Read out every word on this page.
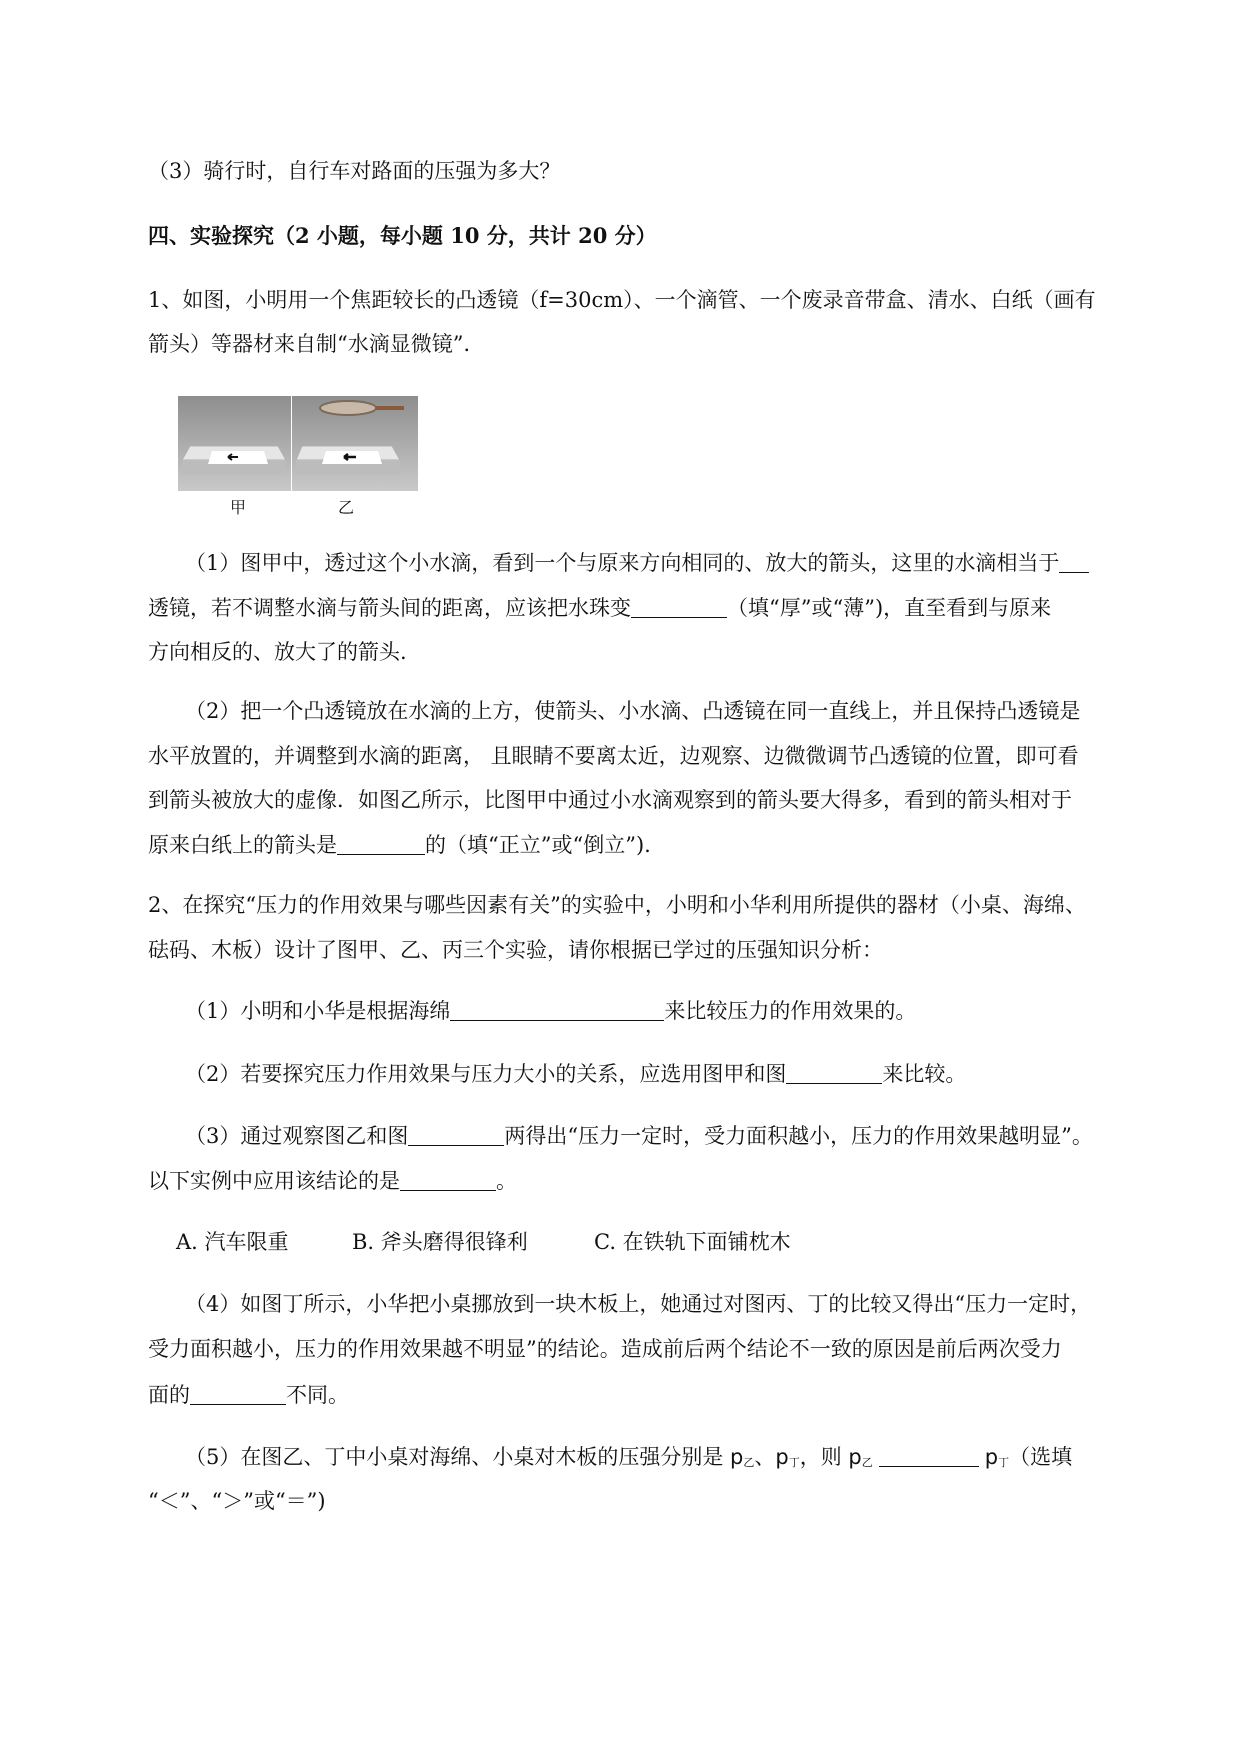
（3）骑行时，自行车对路面的压强为多大？
四、实验探究（2 小题，每小题 10 分，共计 20 分）
1、如图，小明用一个焦距较长的凸透镜（f=30cm）、一个滴管、一个废录音带盒、清水、白纸（画有
箭头）等器材来自制“水滴显微镜”．
甲	乙
（1）图甲中，透过这个小水滴，看到一个与原来方向相同的、放大的箭头，这里的水滴相当于
透镜，若不调整水滴与箭头间的距离，应该把水珠变	（填“厚”或“薄”)，直至看到与原来
方向相反的、放大了的箭头.
（2）把一个凸透镜放在水滴的上方，使箭头、小水滴、凸透镜在同一直线上，并且保持凸透镜是
水平放置的，并调整到水滴的距离， 且眼睛不要离太近，边观察、边微微调节凸透镜的位置，即可看
到箭头被放大的虚像．如图乙所示，比图甲中通过小水滴观察到的箭头要大得多，看到的箭头相对于
原来白纸上的箭头是	的（填“正立”或“倒立”).
2、在探究“压力的作用效果与哪些因素有关”的实验中，小明和小华利用所提供的器材（小桌、海绵、
砝码、木板）设计了图甲、乙、丙三个实验，请你根据已学过的压强知识分析：
（1）小明和小华是根据海绵	来比较压力的作用效果的。
（2）若要探究压力作用效果与压力大小的关系，应选用图甲和图	来比较。
（3）通过观察图乙和图	两得出“压力一定时，受力面积越小，压力的作用效果越明显”。
以下实例中应用该结论的是	。
A. 汽车限重	B. 斧头磨得很锋利	C. 在铁轨下面铺枕木
（4）如图丁所示，小华把小桌挪放到一块木板上，她通过对图丙、丁的比较又得出“压力一定时，
受力面积越小，压力的作用效果越不明显”的结论。造成前后两个结论不一致的原因是前后两次受力
面的	不同。
（5）在图乙、丁中小桌对海绵、小桌对木板的压强分别是 p乙、p丁，则 p乙	p丁（选填
“＜”、“＞”或“＝”)
